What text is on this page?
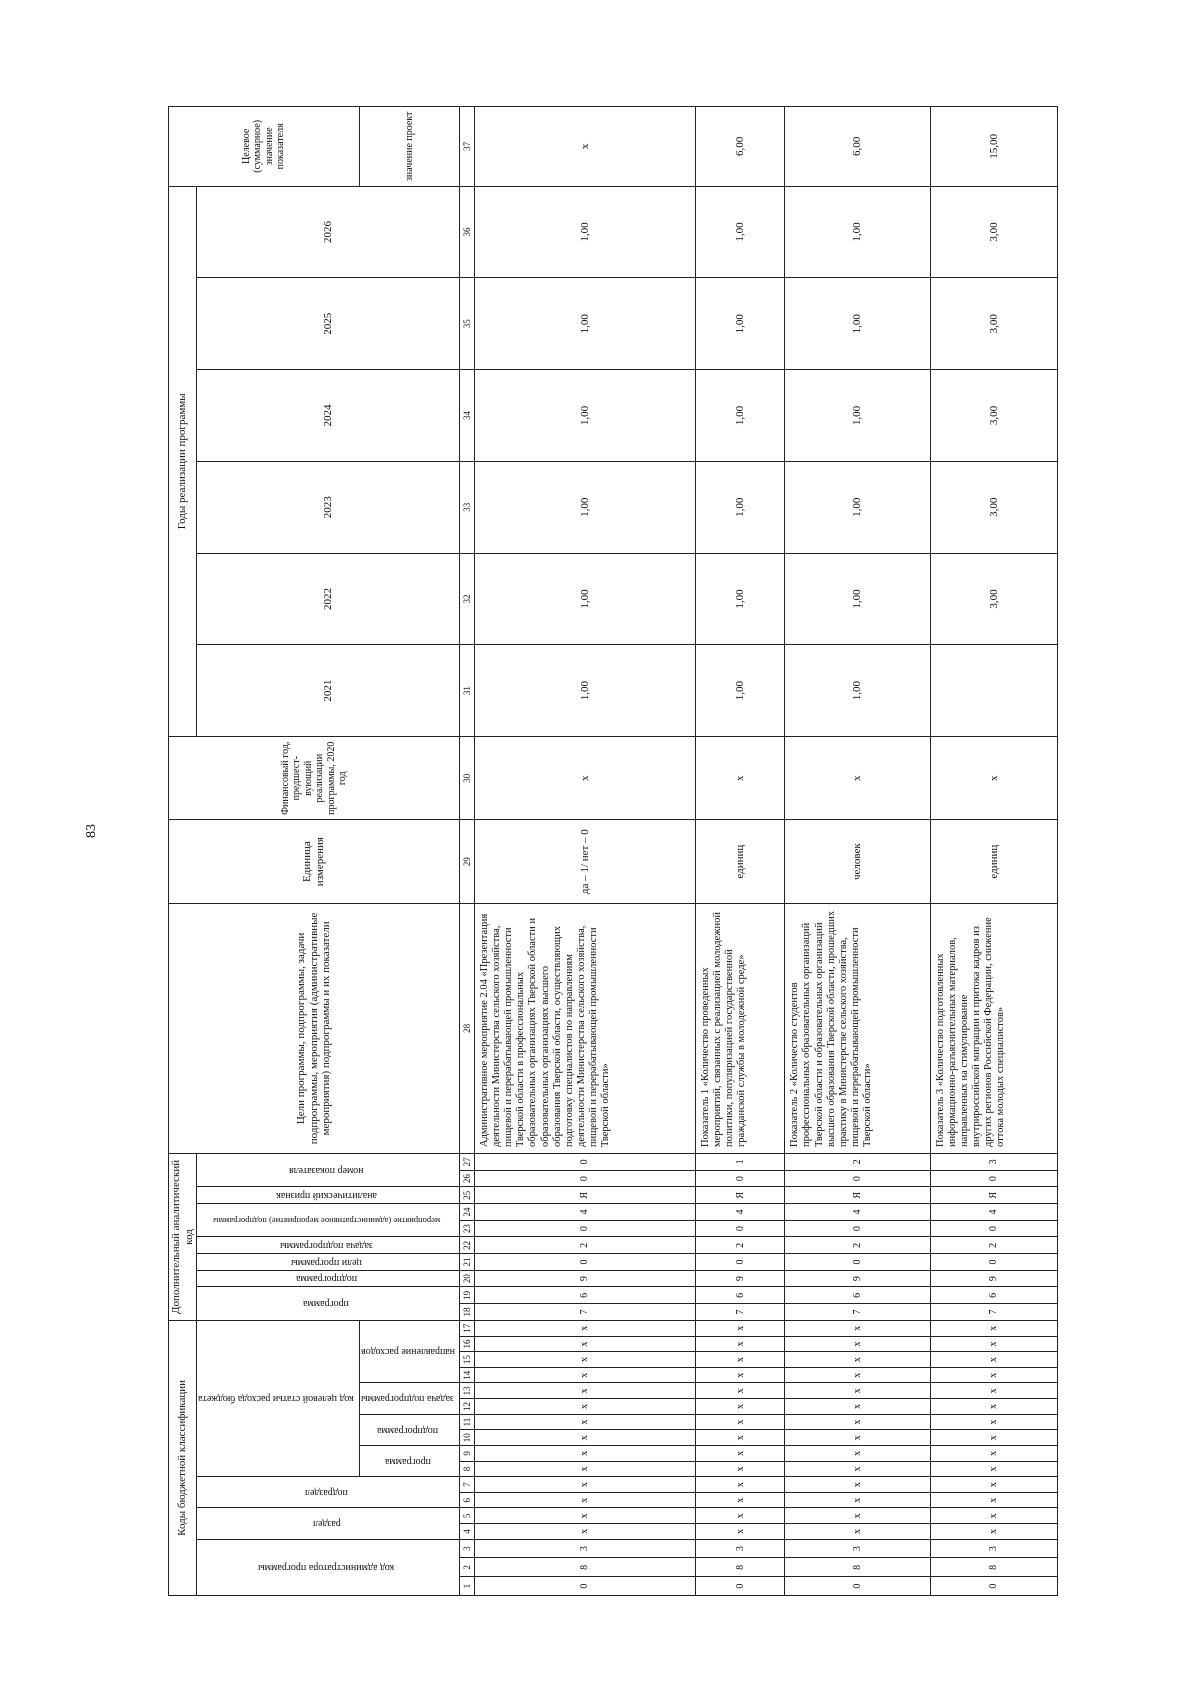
83
Коды бюджетной классификации																	Дополнительный аналитический код										Цели программы, подпрограммы, задачи подпрограммы, мероприятия (административные мероприятия) подпрограммы и их показатели	Единица измерения	Финансовый год, предшест-вующий реализации программы, 2020 год	Годы реализации программы						Целевое (суммарное) значение показателя
код администратора программы			раздел		подраздел		код целевой статьи расхода бюджета										программа		подпрограмма	цели программы	задача подпрограммы	мероприятие (административное мероприятие) подпрограммы		аналитический признак	номер показателя					2021	2022	2023	2024	2025	2026	
							программа		подпрограмма		задача подпрограммы		направление расходов																							значение проект
1	2	3	4	5	6	7	8	9	10	11	12	13	14	15	16	17	18	19	20	21	22	23	24	25	26	27	28	29	30	31	32	33	34	35	36	37
0	8	3	х	х	х	х	х	х	х	х	х	х	х	х	х	х	7	6	9	0	2	0	4	Я	0	0	Административное мероприятие 2.04 «Презентация деятельности Министерства сельского хозяйства, пищевой и перерабатывающей промышленности Тверской области в профессиональных образовательных организациях Тверской области и образовательных организациях высшего образования Тверской области, осуществляющих подготовку специалистов по направлениям деятельности Министерства сельского хозяйства, пищевой и перерабатывающей промышленности Тверской области»	да – 1/ нет – 0	х	1,00	1,00	1,00	1,00	1,00	1,00	х
0	8	3	х	х	х	х	х	х	х	х	х	х	х	х	х	х	7	6	9	0	2	0	4	Я	0	1	Показатель 1 «Количество проведенных мероприятий, связанных с реализацией молодежной политики, популяризацией государственной гражданской службы в молодежной среде»	единиц	х	1,00	1,00	1,00	1,00	1,00	1,00	6,00
0	8	3	х	х	х	х	х	х	х	х	х	х	х	х	х	х	7	6	9	0	2	0	4	Я	0	2	Показатель 2 «Количество студентов профессиональных образовательных организаций Тверской области и образовательных организаций высшего образования Тверской области, прошедших практику в Министерстве сельского хозяйства, пищевой и перерабатывающей промышленности Тверской области»	человек	х	1,00	1,00	1,00	1,00	1,00	1,00	6,00
0	8	3	х	х	х	х	х	х	х	х	х	х	х	х	х	х	7	6	9	0	2	0	4	Я	0	3	Показатель 3 «Количество подготовленных информационно-разъяснительных материалов, направленных на стимулирование внутрироссийской миграции и притока кадров из других регионов Российской Федерации, снижение оттока молодых специалистов»	единиц	х		3,00	3,00	3,00	3,00	3,00	15,00
